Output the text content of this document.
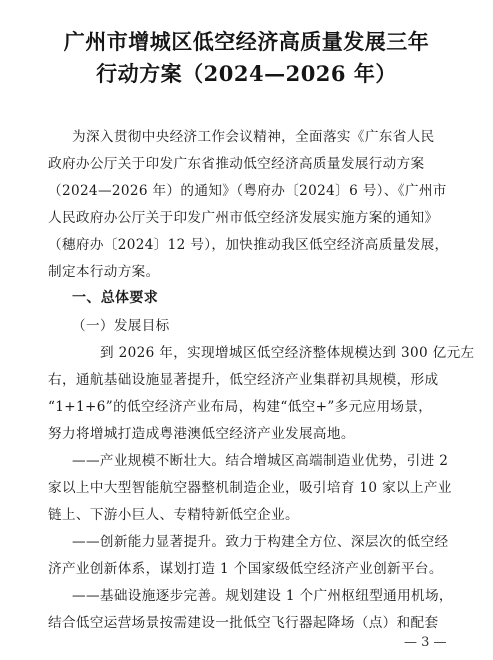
广州市增城区低空经济高质量发展三年
行动方案（2024—2026 年）
为深入贯彻中央经济工作会议精神，全面落实《广东省人民
政府办公厅关于印发广东省推动低空经济高质量发展行动方案
（2024—2026 年）的通知》（粤府办〔2024〕6 号）、《广州市
人民政府办公厅关于印发广州市低空经济发展实施方案的通知》
（穗府办〔2024〕12 号），加快推动我区低空经济高质量发展，
制定本行动方案。
一、总体要求
（一）发展目标
到 2026 年，实现增城区低空经济整体规模达到 300 亿元左
右，通航基础设施显著提升，低空经济产业集群初具规模，形成
“1+1+6”的低空经济产业布局，构建“低空+”多元应用场景，
努力将增城打造成粤港澳低空经济产业发展高地。
——产业规模不断壮大。结合增城区高端制造业优势，引进 2
家以上中大型智能航空器整机制造企业，吸引培育 10 家以上产业
链上、下游小巨人、专精特新低空企业。
——创新能力显著提升。致力于构建全方位、深层次的低空经
济产业创新体系，谋划打造 1 个国家级低空经济产业创新平台。
——基础设施逐步完善。规划建设 1 个广州枢纽型通用机场，
结合低空运营场景按需建设一批低空飞行器起降场（点）和配套
— 3 —
